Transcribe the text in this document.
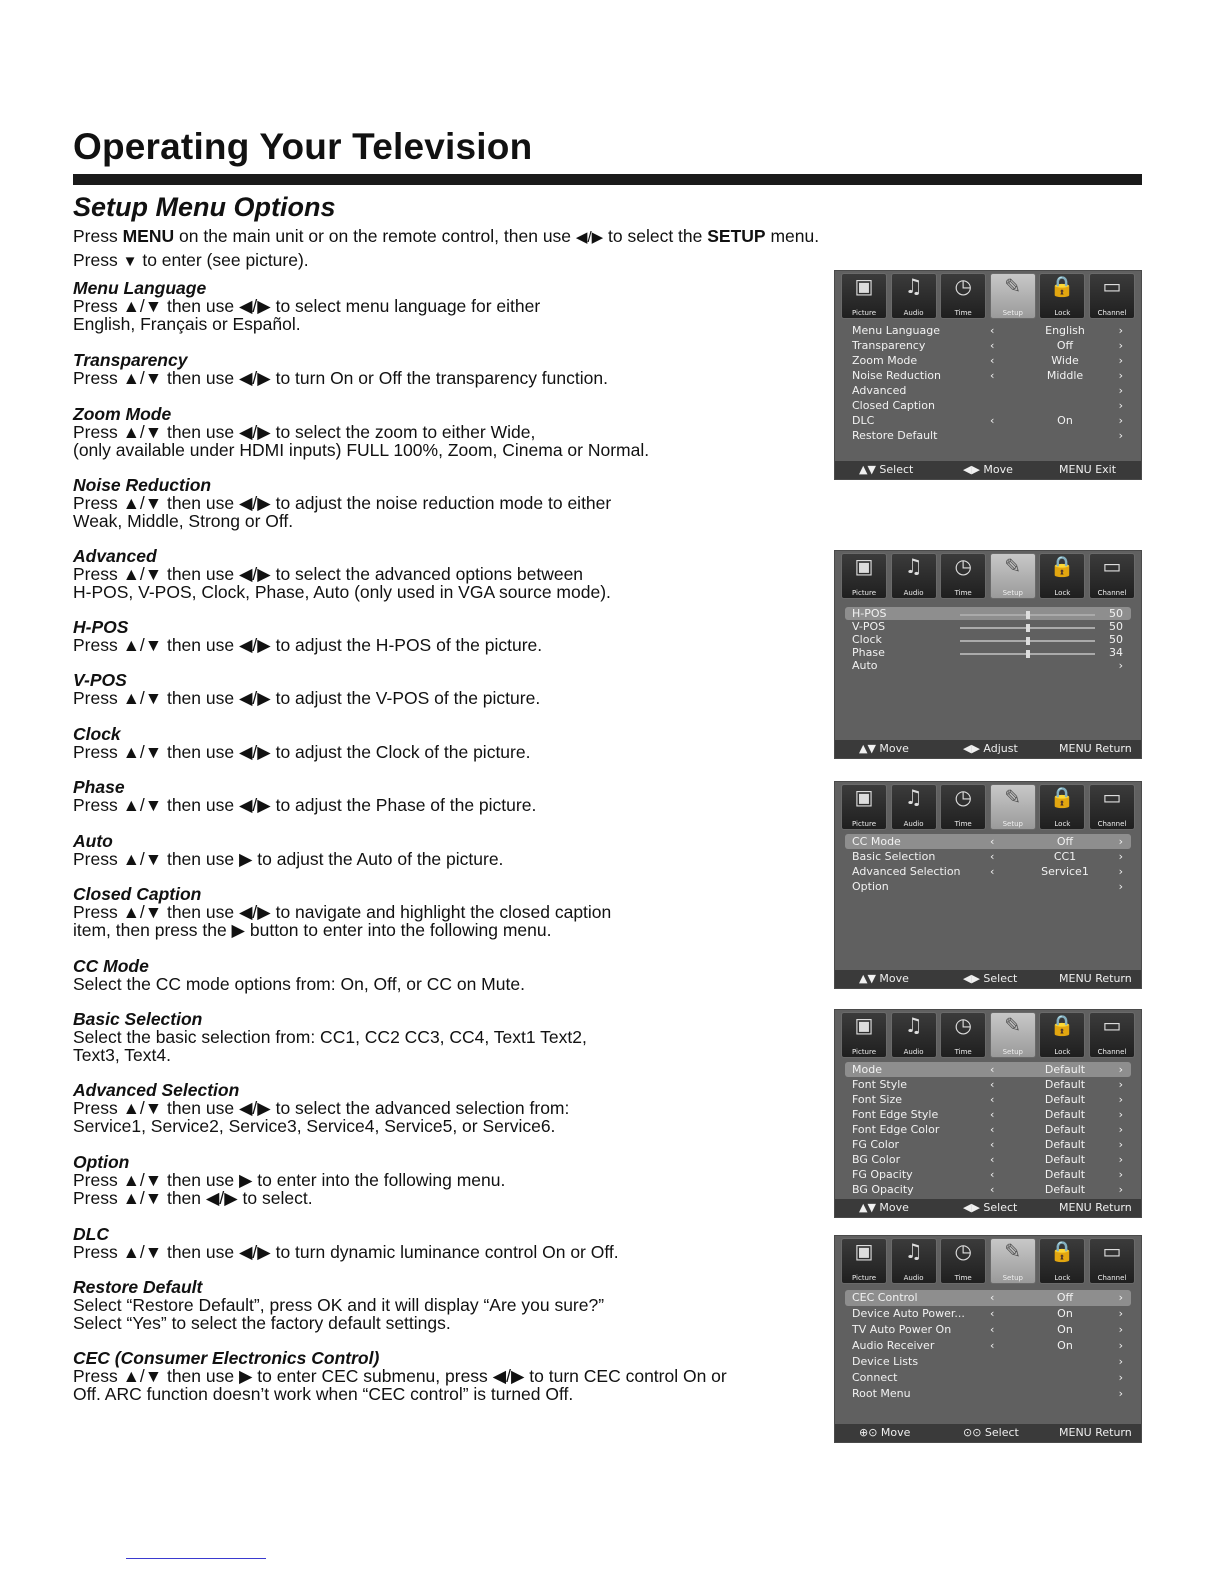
Operating Your Television
Setup Menu Options
Press MENU on the main unit or on the remote control, then use ◀/▶ to select the SETUP menu.
Press ▼ to enter (see picture).
Menu Language
Press ▲/▼ then use ◀/▶ to select menu language for either
English, Français or Español.
Transparency
Press ▲/▼ then use ◀/▶ to turn On or Off the transparency function.
Zoom Mode
Press ▲/▼ then use ◀/▶ to select the zoom to either Wide,
(only available under HDMI inputs) FULL 100%, Zoom, Cinema or Normal.
Noise Reduction
Press ▲/▼ then use ◀/▶ to adjust the noise reduction mode to either
Weak, Middle, Strong or Off.
Advanced
Press ▲/▼ then use ◀/▶ to select the advanced options between
H-POS, V-POS, Clock, Phase, Auto (only used in VGA source mode).
H-POS
Press ▲/▼ then use ◀/▶ to adjust the H-POS of the picture.
V-POS
Press ▲/▼ then use ◀/▶ to adjust the V-POS of the picture.
Clock
Press ▲/▼ then use ◀/▶ to adjust the Clock of the picture.
Phase
Press ▲/▼ then use ◀/▶ to adjust the Phase of the picture.
Auto
Press ▲/▼ then use ▶ to adjust the Auto of the picture.
Closed Caption
Press ▲/▼ then use ◀/▶ to navigate and highlight the closed caption
item, then press the ▶ button to enter into the following menu.
CC Mode
Select the CC mode options from: On, Off, or CC on Mute.
Basic Selection
Select the basic selection from: CC1, CC2 CC3, CC4, Text1 Text2,
Text3, Text4.
Advanced Selection
Press ▲/▼ then use ◀/▶ to select the advanced selection from:
Service1, Service2, Service3, Service4, Service5, or Service6.
Option
Press ▲/▼ then use ▶ to enter into the following menu.
Press ▲/▼ then ◀/▶ to select.
DLC
Press ▲/▼ then use ◀/▶ to turn dynamic luminance control On or Off.
Restore Default
Select “Restore Default”, press OK and it will display “Are you sure?”
Select “Yes” to select the factory default settings.
CEC (Consumer Electronics Control)
Press ▲/▼ then use ▶ to enter CEC submenu, press ◀/▶ to turn CEC control On or
Off. ARC function doesn’t work when “CEC control” is turned Off.
▣
Picture
♫
Audio
◷
Time
✎
Setup
🔒
Lock
▭
Channel
Menu Language	‹	English	›
Transparency	‹	Off	›
Zoom Mode	‹	Wide	›
Noise Reduction	‹	Middle	›
Advanced	›
Closed Caption	›
DLC	‹	On	›
Restore Default	›
▲▼ Select	◀▶ Move	MENU Exit
▣
Picture
♫
Audio
◷
Time
✎
Setup
🔒
Lock
▭
Channel
H-POS	50
V-POS	50
Clock	50
Phase	34
Auto	›
▲▼ Move	◀▶ Adjust	MENU Return
▣
Picture
♫
Audio
◷
Time
✎
Setup
🔒
Lock
▭
Channel
CC Mode	‹	Off	›
Basic Selection	‹	CC1	›
Advanced Selection	‹	Service1	›
Option	›
▲▼ Move	◀▶ Select	MENU Return
▣
Picture
♫
Audio
◷
Time
✎
Setup
🔒
Lock
▭
Channel
Mode	‹	Default	›
Font Style	‹	Default	›
Font Size	‹	Default	›
Font Edge Style	‹	Default	›
Font Edge Color	‹	Default	›
FG Color	‹	Default	›
BG Color	‹	Default	›
FG Opacity	‹	Default	›
BG Opacity	‹	Default	›
▲▼ Move	◀▶ Select	MENU Return
▣
Picture
♫
Audio
◷
Time
✎
Setup
🔒
Lock
▭
Channel
CEC Control	‹	Off	›
Device Auto Power... ‹	On	›
TV Auto Power On	‹	On	›
Audio Receiver	‹	On	›
Device Lists	›
Connect	›
Root Menu	›
⊕⊙ Move	⊙⊙ Select	MENU Return
